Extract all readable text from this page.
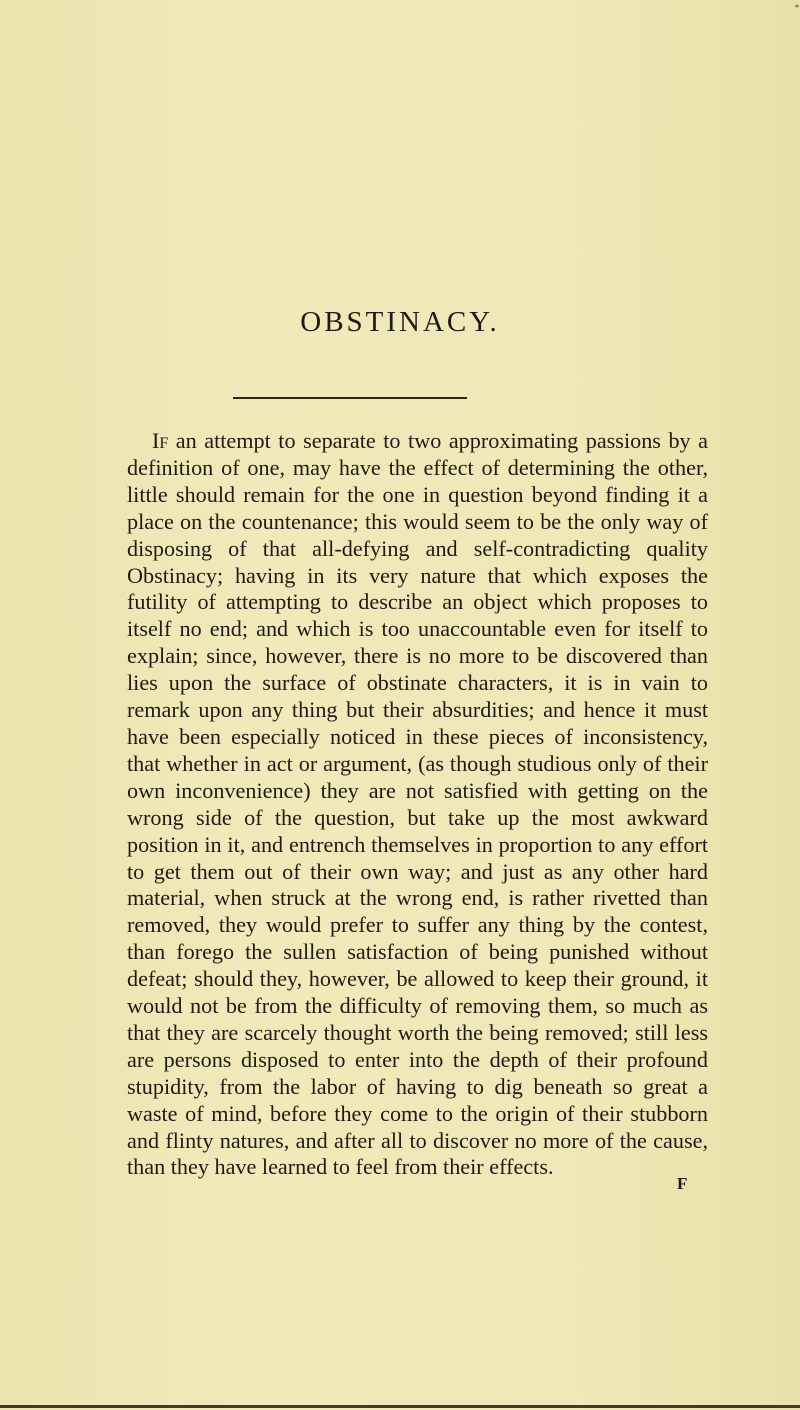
*
OBSTINACY.

If an attempt to separate to two approximating passions by a definition of one, may have the effect of determining the other, little should remain for the one in question beyond finding it a place on the countenance; this would seem to be the only way of disposing of that all-defying and self-contradicting quality Obstinacy; having in its very nature that which exposes the futility of attempting to describe an object which proposes to itself no end; and which is too unaccountable even for itself to explain; since, however, there is no more to be discovered than lies upon the surface of obstinate characters, it is in vain to remark upon any thing but their absurdities; and hence it must have been especially noticed in these pieces of inconsistency, that whether in act or argument, (as though studious only of their own inconvenience) they are not satisfied with getting on the wrong side of the question, but take up the most awkward position in it, and entrench themselves in proportion to any effort to get them out of their own way; and just as any other hard material, when struck at the wrong end, is rather rivetted than removed, they would prefer to suffer any thing by the contest, than forego the sullen satisfaction of being punished without defeat; should they, however, be allowed to keep their ground, it would not be from the difficulty of removing them, so much as that they are scarcely thought worth the being removed; still less are persons disposed to enter into the depth of their profound stupidity, from the labor of having to dig beneath so great a waste of mind, before they come to the origin of their stubborn and flinty natures, and after all to discover no more of the cause, than they have learned to feel from their effects.

F
